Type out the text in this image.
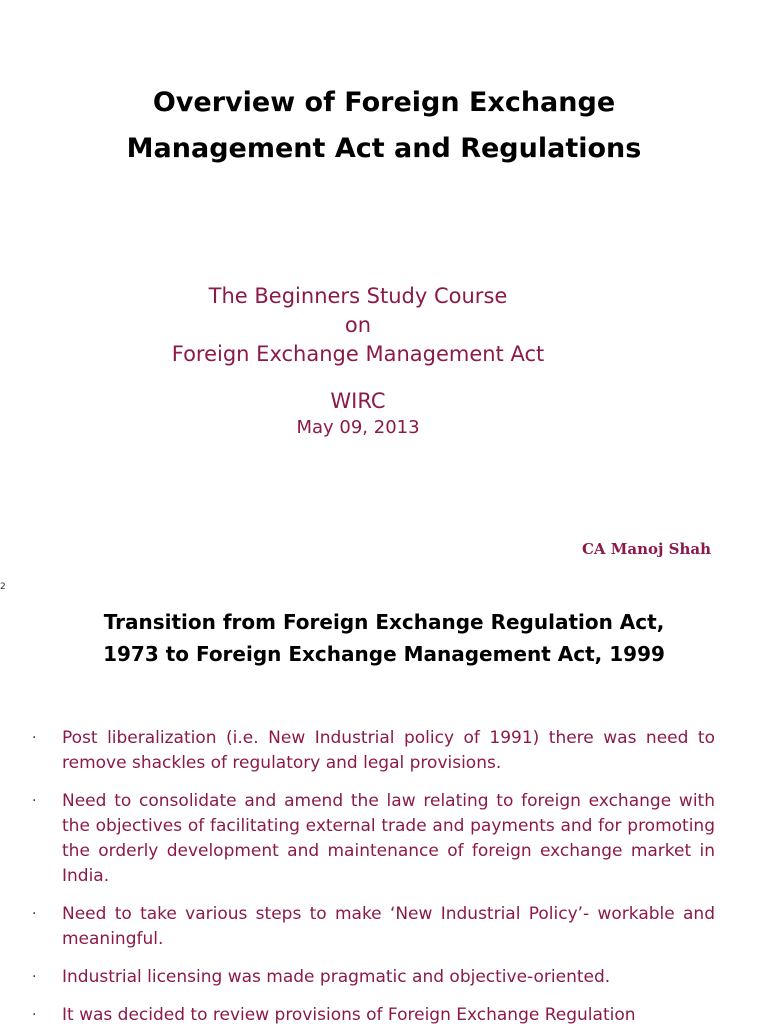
Overview of Foreign Exchange
Management Act and Regulations
The Beginners Study Course
on
Foreign Exchange Management Act
WIRC
May 09, 2013
CA Manoj Shah
2
Transition from Foreign Exchange Regulation Act,
1973 to Foreign Exchange Management Act, 1999
· Post liberalization (i.e. New Industrial policy of 1991) there was need to remove shackles of regulatory and legal provisions.
· Need to consolidate and amend the law relating to foreign exchange with the objectives of facilitating external trade and payments and for promoting the orderly development and maintenance of foreign exchange market in India.
· Need to take various steps to make ‘New Industrial Policy’- workable and meaningful.
· Industrial licensing was made pragmatic and objective-oriented.
· It was decided to review provisions of Foreign Exchange Regulation
